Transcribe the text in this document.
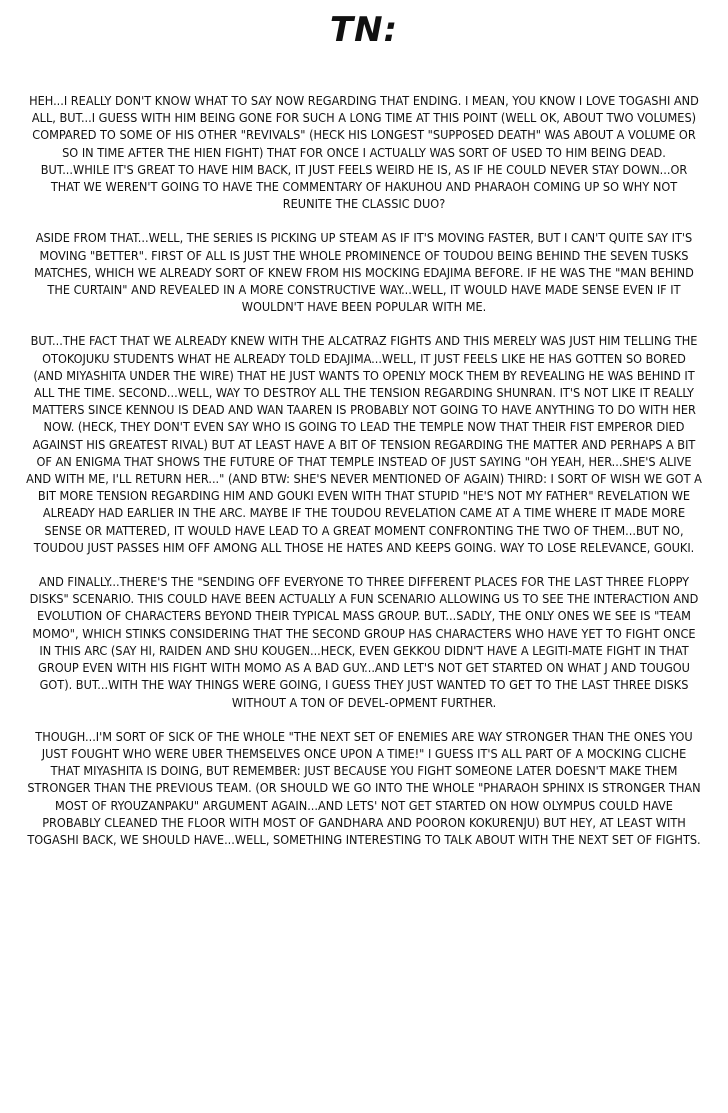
TN:

HEH...I REALLY DON'T KNOW WHAT TO SAY NOW REGARDING THAT ENDING. I MEAN, YOU KNOW I LOVE TOGASHI AND ALL, BUT...I GUESS WITH HIM BEING GONE FOR SUCH A LONG TIME AT THIS POINT (WELL OK, ABOUT TWO VOLUMES) COMPARED TO SOME OF HIS OTHER "REVIVALS" (HECK HIS LONGEST "SUPPOSED DEATH" WAS ABOUT A VOLUME OR SO IN TIME AFTER THE HIEN FIGHT) THAT FOR ONCE I ACTUALLY WAS SORT OF USED TO HIM BEING DEAD. BUT...WHILE IT'S GREAT TO HAVE HIM BACK, IT JUST FEELS WEIRD HE IS, AS IF HE COULD NEVER STAY DOWN...OR THAT WE WEREN'T GOING TO HAVE THE COMMENTARY OF HAKUHOU AND PHARAOH COMING UP SO WHY NOT REUNITE THE CLASSIC DUO?

ASIDE FROM THAT...WELL, THE SERIES IS PICKING UP STEAM AS IF IT'S MOVING FASTER, BUT I CAN'T QUITE SAY IT'S MOVING "BETTER". FIRST OF ALL IS JUST THE WHOLE PROMINENCE OF TOUDOU BEING BEHIND THE SEVEN TUSKS MATCHES, WHICH WE ALREADY SORT OF KNEW FROM HIS MOCKING EDAJIMA BEFORE. IF HE WAS THE "MAN BEHIND THE CURTAIN" AND REVEALED IN A MORE CONSTRUCTIVE WAY...WELL, IT WOULD HAVE MADE SENSE EVEN IF IT WOULDN'T HAVE BEEN POPULAR WITH ME.

BUT...THE FACT THAT WE ALREADY KNEW WITH THE ALCATRAZ FIGHTS AND THIS MERELY WAS JUST HIM TELLING THE OTOKOJUKU STUDENTS WHAT HE ALREADY TOLD EDAJIMA...WELL, IT JUST FEELS LIKE HE HAS GOTTEN SO BORED (AND MIYASHITA UNDER THE WIRE) THAT HE JUST WANTS TO OPENLY MOCK THEM BY REVEALING HE WAS BEHIND IT ALL THE TIME. SECOND...WELL, WAY TO DESTROY ALL THE TENSION REGARDING SHUNRAN. IT'S NOT LIKE IT REALLY MATTERS SINCE KENNOU IS DEAD AND WAN TAAREN IS PROBABLY NOT GOING TO HAVE ANYTHING TO DO WITH HER NOW. (HECK, THEY DON'T EVEN SAY WHO IS GOING TO LEAD THE TEMPLE NOW THAT THEIR FIST EMPEROR DIED AGAINST HIS GREATEST RIVAL) BUT AT LEAST HAVE A BIT OF TENSION REGARDING THE MATTER AND PERHAPS A BIT OF AN ENIGMA THAT SHOWS THE FUTURE OF THAT TEMPLE INSTEAD OF JUST SAYING "OH YEAH, HER...SHE'S ALIVE AND WITH ME, I'LL RETURN HER..." (AND BTW: SHE'S NEVER MENTIONED OF AGAIN) THIRD: I SORT OF WISH WE GOT A BIT MORE TENSION REGARDING HIM AND GOUKI EVEN WITH THAT STUPID "HE'S NOT MY FATHER" REVELATION WE ALREADY HAD EARLIER IN THE ARC. MAYBE IF THE TOUDOU REVELATION CAME AT A TIME WHERE IT MADE MORE SENSE OR MATTERED, IT WOULD HAVE LEAD TO A GREAT MOMENT CONFRONTING THE TWO OF THEM...BUT NO, TOUDOU JUST PASSES HIM OFF AMONG ALL THOSE HE HATES AND KEEPS GOING. WAY TO LOSE RELEVANCE, GOUKI.

AND FINALLY...THERE'S THE "SENDING OFF EVERYONE TO THREE DIFFERENT PLACES FOR THE LAST THREE FLOPPY DISKS" SCENARIO. THIS COULD HAVE BEEN ACTUALLY A FUN SCENARIO ALLOWING US TO SEE THE INTERACTION AND EVOLUTION OF CHARACTERS BEYOND THEIR TYPICAL MASS GROUP. BUT...SADLY, THE ONLY ONES WE SEE IS "TEAM MOMO", WHICH STINKS CONSIDERING THAT THE SECOND GROUP HAS CHARACTERS WHO HAVE YET TO FIGHT ONCE IN THIS ARC (SAY HI, RAIDEN AND SHU KOUGEN...HECK, EVEN GEKKOU DIDN'T HAVE A LEGITI-MATE FIGHT IN THAT GROUP EVEN WITH HIS FIGHT WITH MOMO AS A BAD GUY...AND LET'S NOT GET STARTED ON WHAT J AND TOUGOU GOT). BUT...WITH THE WAY THINGS WERE GOING, I GUESS THEY JUST WANTED TO GET TO THE LAST THREE DISKS WITHOUT A TON OF DEVEL-OPMENT FURTHER.

THOUGH...I'M SORT OF SICK OF THE WHOLE "THE NEXT SET OF ENEMIES ARE WAY STRONGER THAN THE ONES YOU JUST FOUGHT WHO WERE UBER THEMSELVES ONCE UPON A TIME!" I GUESS IT'S ALL PART OF A MOCKING CLICHE THAT MIYASHITA IS DOING, BUT REMEMBER: JUST BECAUSE YOU FIGHT SOMEONE LATER DOESN'T MAKE THEM STRONGER THAN THE PREVIOUS TEAM. (OR SHOULD WE GO INTO THE WHOLE "PHARAOH SPHINX IS STRONGER THAN MOST OF RYOUZANPAKU" ARGUMENT AGAIN...AND LETS' NOT GET STARTED ON HOW OLYMPUS COULD HAVE PROBABLY CLEANED THE FLOOR WITH MOST OF GANDHARA AND POORON KOKURENJU) BUT HEY, AT LEAST WITH TOGASHI BACK, WE SHOULD HAVE...WELL, SOMETHING INTERESTING TO TALK ABOUT WITH THE NEXT SET OF FIGHTS.
